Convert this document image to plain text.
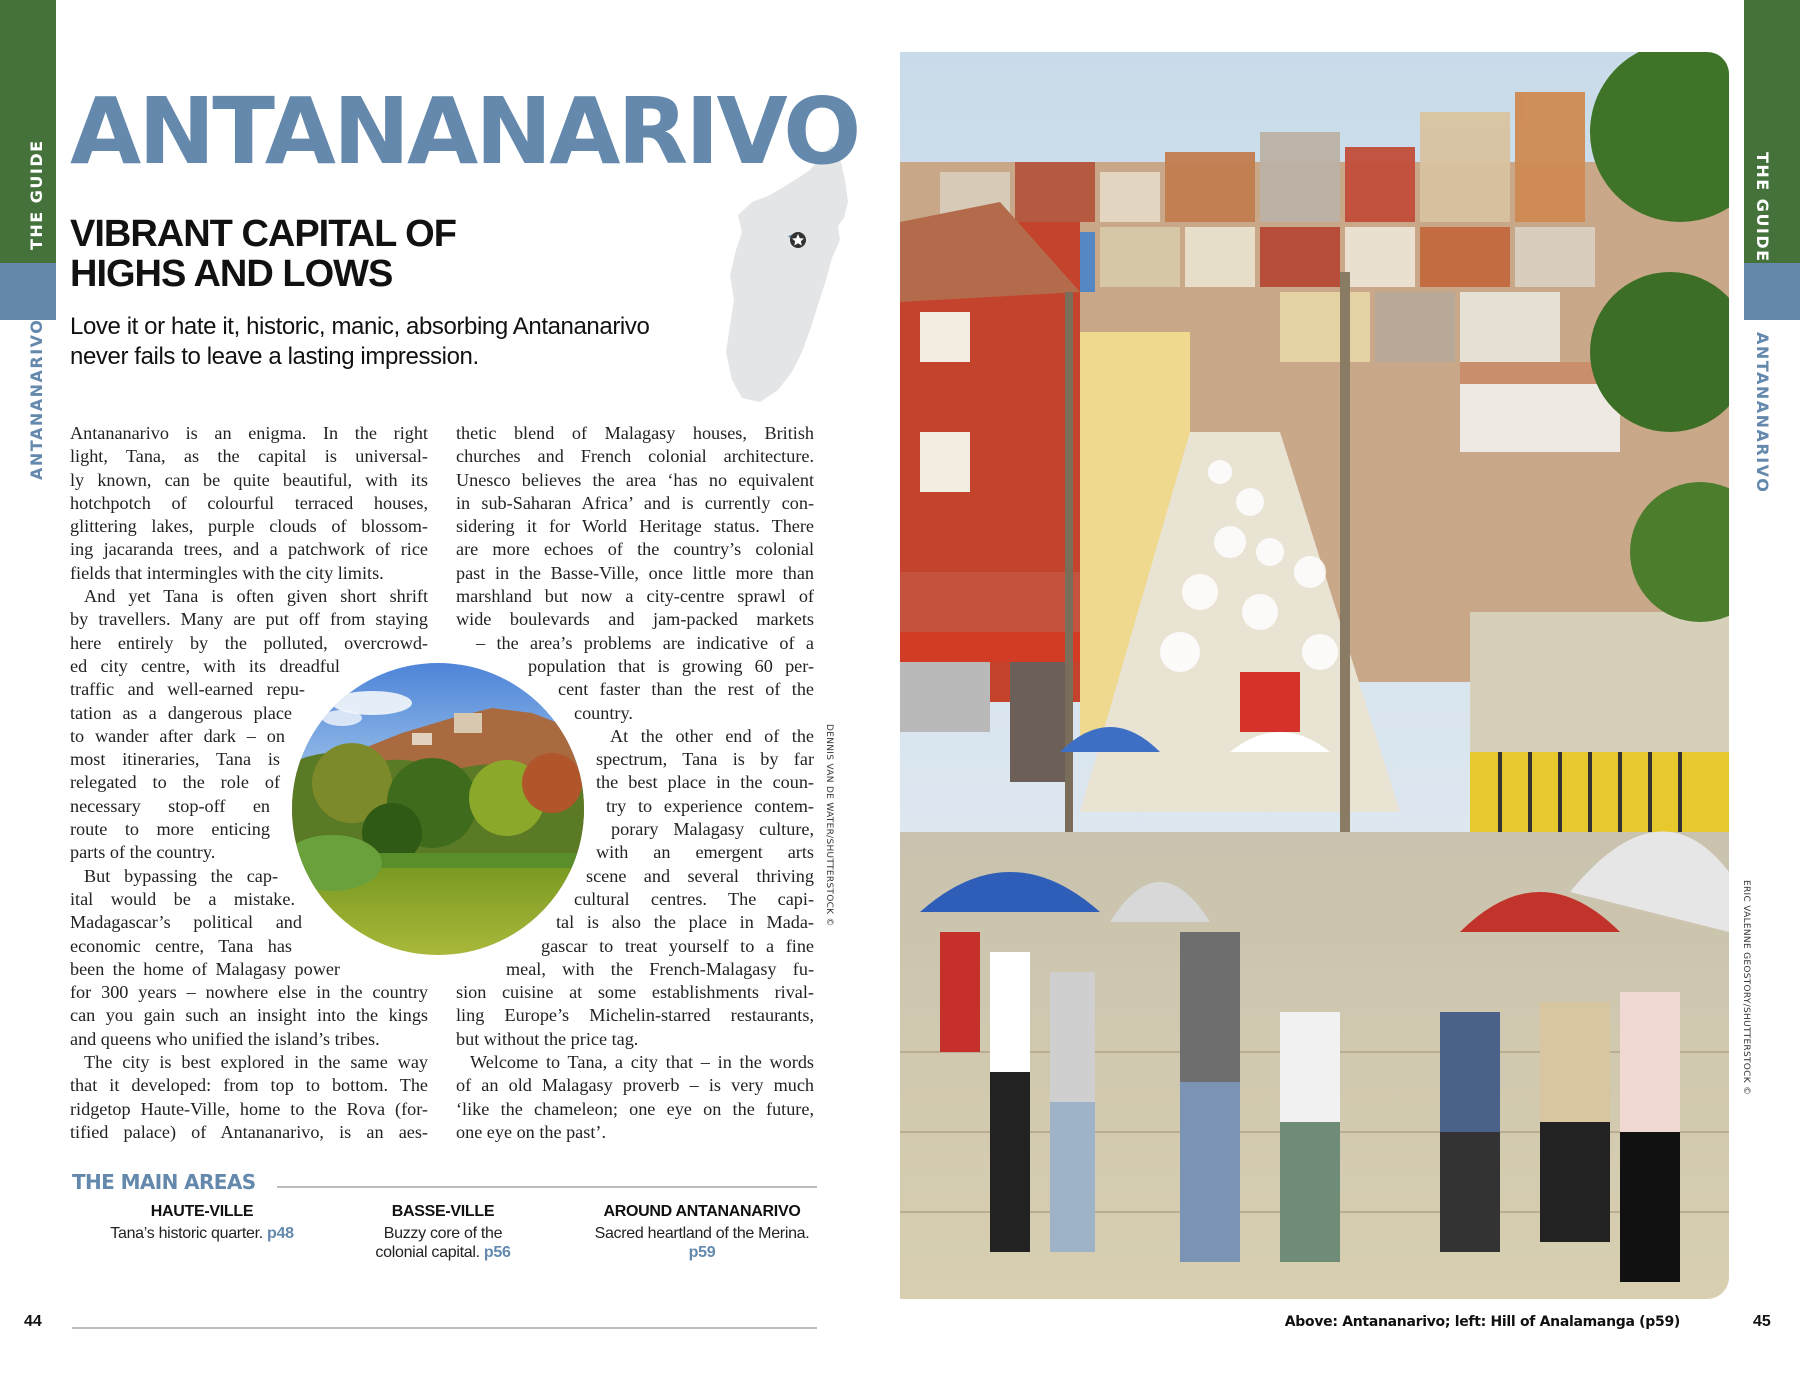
THE GUIDE
ANTANANARIVO
THE GUIDE
ANTANANARIVO
ANTANANARIVO
VIBRANT CAPITAL OF
HIGHS AND LOWS
Love it or hate it, historic, manic, absorbing Antananarivo
never fails to leave a lasting impression.
Antananarivo is an enigma. In the right
light, Tana, as the capital is universal-
ly known, can be quite beautiful, with its
hotchpotch of colourful terraced houses,
glittering lakes, purple clouds of blossom-
ing jacaranda trees, and a patchwork of rice
fields that intermingles with the city limits.
And yet Tana is often given short shrift
by travellers. Many are put off from staying
here entirely by the polluted, overcrowd-
ed city centre, with its dreadful
traffic and well-earned repu-
tation as a dangerous place
to wander after dark – on
most itineraries, Tana is
relegated to the role of
necessary stop-off en
route to more enticing
parts of the country.
But bypassing the cap-
ital would be a mistake.
Madagascar’s political and
economic centre, Tana has
been the home of Malagasy power
for 300 years – nowhere else in the country
can you gain such an insight into the kings
and queens who unified the island’s tribes.
The city is best explored in the same way
that it developed: from top to bottom. The
ridgetop Haute-Ville, home to the Rova (for-
tified palace) of Antananarivo, is an aes-
thetic blend of Malagasy houses, British
churches and French colonial architecture.
Unesco believes the area ‘has no equivalent
in sub-Saharan Africa’ and is currently con-
sidering it for World Heritage status. There
are more echoes of the country’s colonial
past in the Basse-Ville, once little more than
marshland but now a city-centre sprawl of
wide boulevards and jam-packed markets
– the area’s problems are indicative of a
population that is growing 60 per-
cent faster than the rest of the
country.
At the other end of the
spectrum, Tana is by far
the best place in the coun-
try to experience contem-
porary Malagasy culture,
with an emergent arts
scene and several thriving
cultural centres. The capi-
tal is also the place in Mada-
gascar to treat yourself to a fine
meal, with the French-Malagasy fu-
sion cuisine at some establishments rival-
ling Europe’s Michelin-starred restaurants,
but without the price tag.
Welcome to Tana, a city that – in the words
of an old Malagasy proverb – is very much
‘like the chameleon; one eye on the future,
one eye on the past’.
DENNIS VAN DE WATER/SHUTTERSTOCK ©
THE MAIN AREAS
HAUTE-VILLE
Tana’s historic quarter. p48
BASSE-VILLE
Buzzy core of the colonial capital. p56
AROUND ANTANANARIVO
Sacred heartland of the Merina.
p59
44	Above: Antananarivo; left: Hill of Analamanga (p59)	45
ERIC VALENNE GEOSTORY/SHUTTERSTOCK ©
